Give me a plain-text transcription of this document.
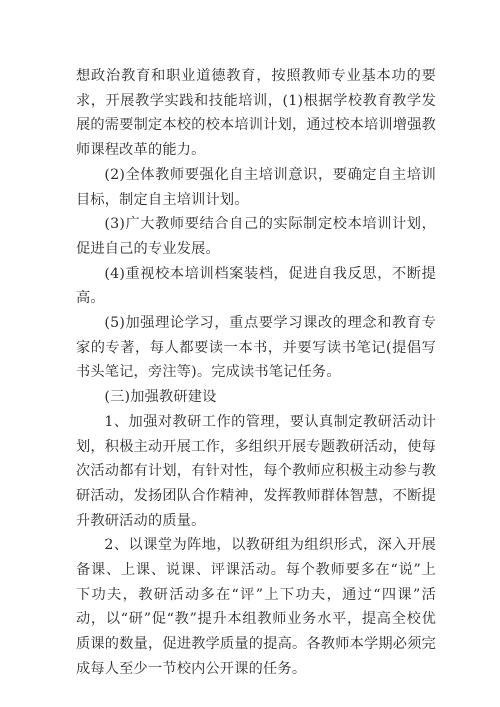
想政治教育和职业道德教育，按照教师专业基本功的要求，开展教学实践和技能培训，(1)根据学校教育教学发展的需要制定本校的校本培训计划，通过校本培训增强教师课程改革的能力。

(2)全体教师要强化自主培训意识，要确定自主培训目标，制定自主培训计划。

(3)广大教师要结合自己的实际制定校本培训计划，促进自己的专业发展。

(4)重视校本培训档案装档，促进自我反思，不断提高。

(5)加强理论学习，重点要学习课改的理念和教育专家的专著，每人都要读一本书，并要写读书笔记(提倡写书头笔记，旁注等)。完成读书笔记任务。

(三)加强教研建设

1、加强对教研工作的管理，要认真制定教研活动计划，积极主动开展工作，多组织开展专题教研活动，使每次活动都有计划，有针对性，每个教师应积极主动参与教研活动，发扬团队合作精神，发挥教师群体智慧，不断提升教研活动的质量。

2、以课堂为阵地，以教研组为组织形式，深入开展备课、上课、说课、评课活动。每个教师要多在“说”上下功夫，教研活动多在“评”上下功夫，通过“四课”活动，以“研”促“教”提升本组教师业务水平，提高全校优质课的数量，促进教学质量的提高。各教师本学期必须完成每人至少一节校内公开课的任务。
